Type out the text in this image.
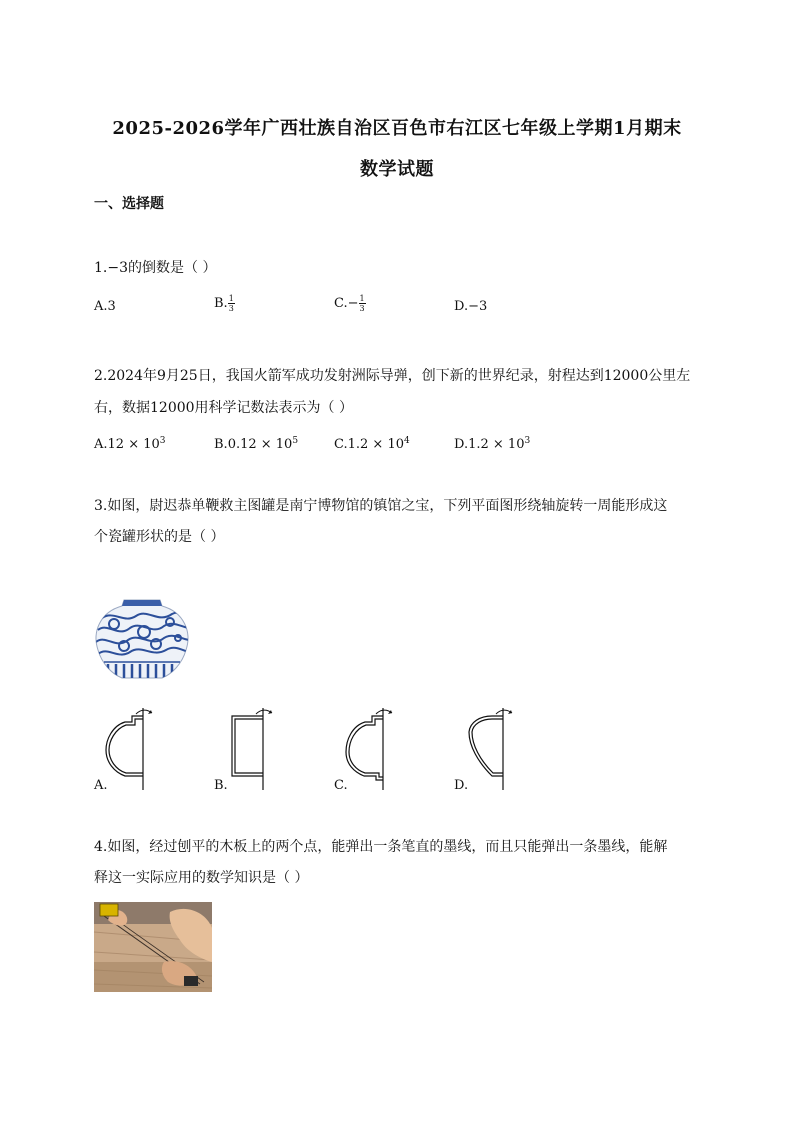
2025-2026学年广西壮族自治区百色市右江区七年级上学期1月期末
数学试题
一、选择题
1.−3的倒数是（ ）
A.3	B. $\frac{1}{3}$	$C.- \frac{1}{3}$	D.−3
2.2024年9月25日，我国火箭军成功发射洲际导弹，创下新的世界纪录，射程达到12000公里左
右，数据12000用科学记数法表示为（ ）
$A.12 \times 10^3$	$B.0.12 \times 10^5$	$C.1.2 \times 10^4$	$D.1.2 \times 10^3$
3.如图，尉迟恭单鞭救主图罐是南宁博物馆的镇馆之宝，下列平面图形绕轴旋转一周能形成这
个瓷罐形状的是（ ）
A.	B.	C.	D.
4.如图，经过刨平的木板上的两个点，能弹出一条笔直的墨线，而且只能弹出一条墨线，能解
释这一实际应用的数学知识是（ ）
